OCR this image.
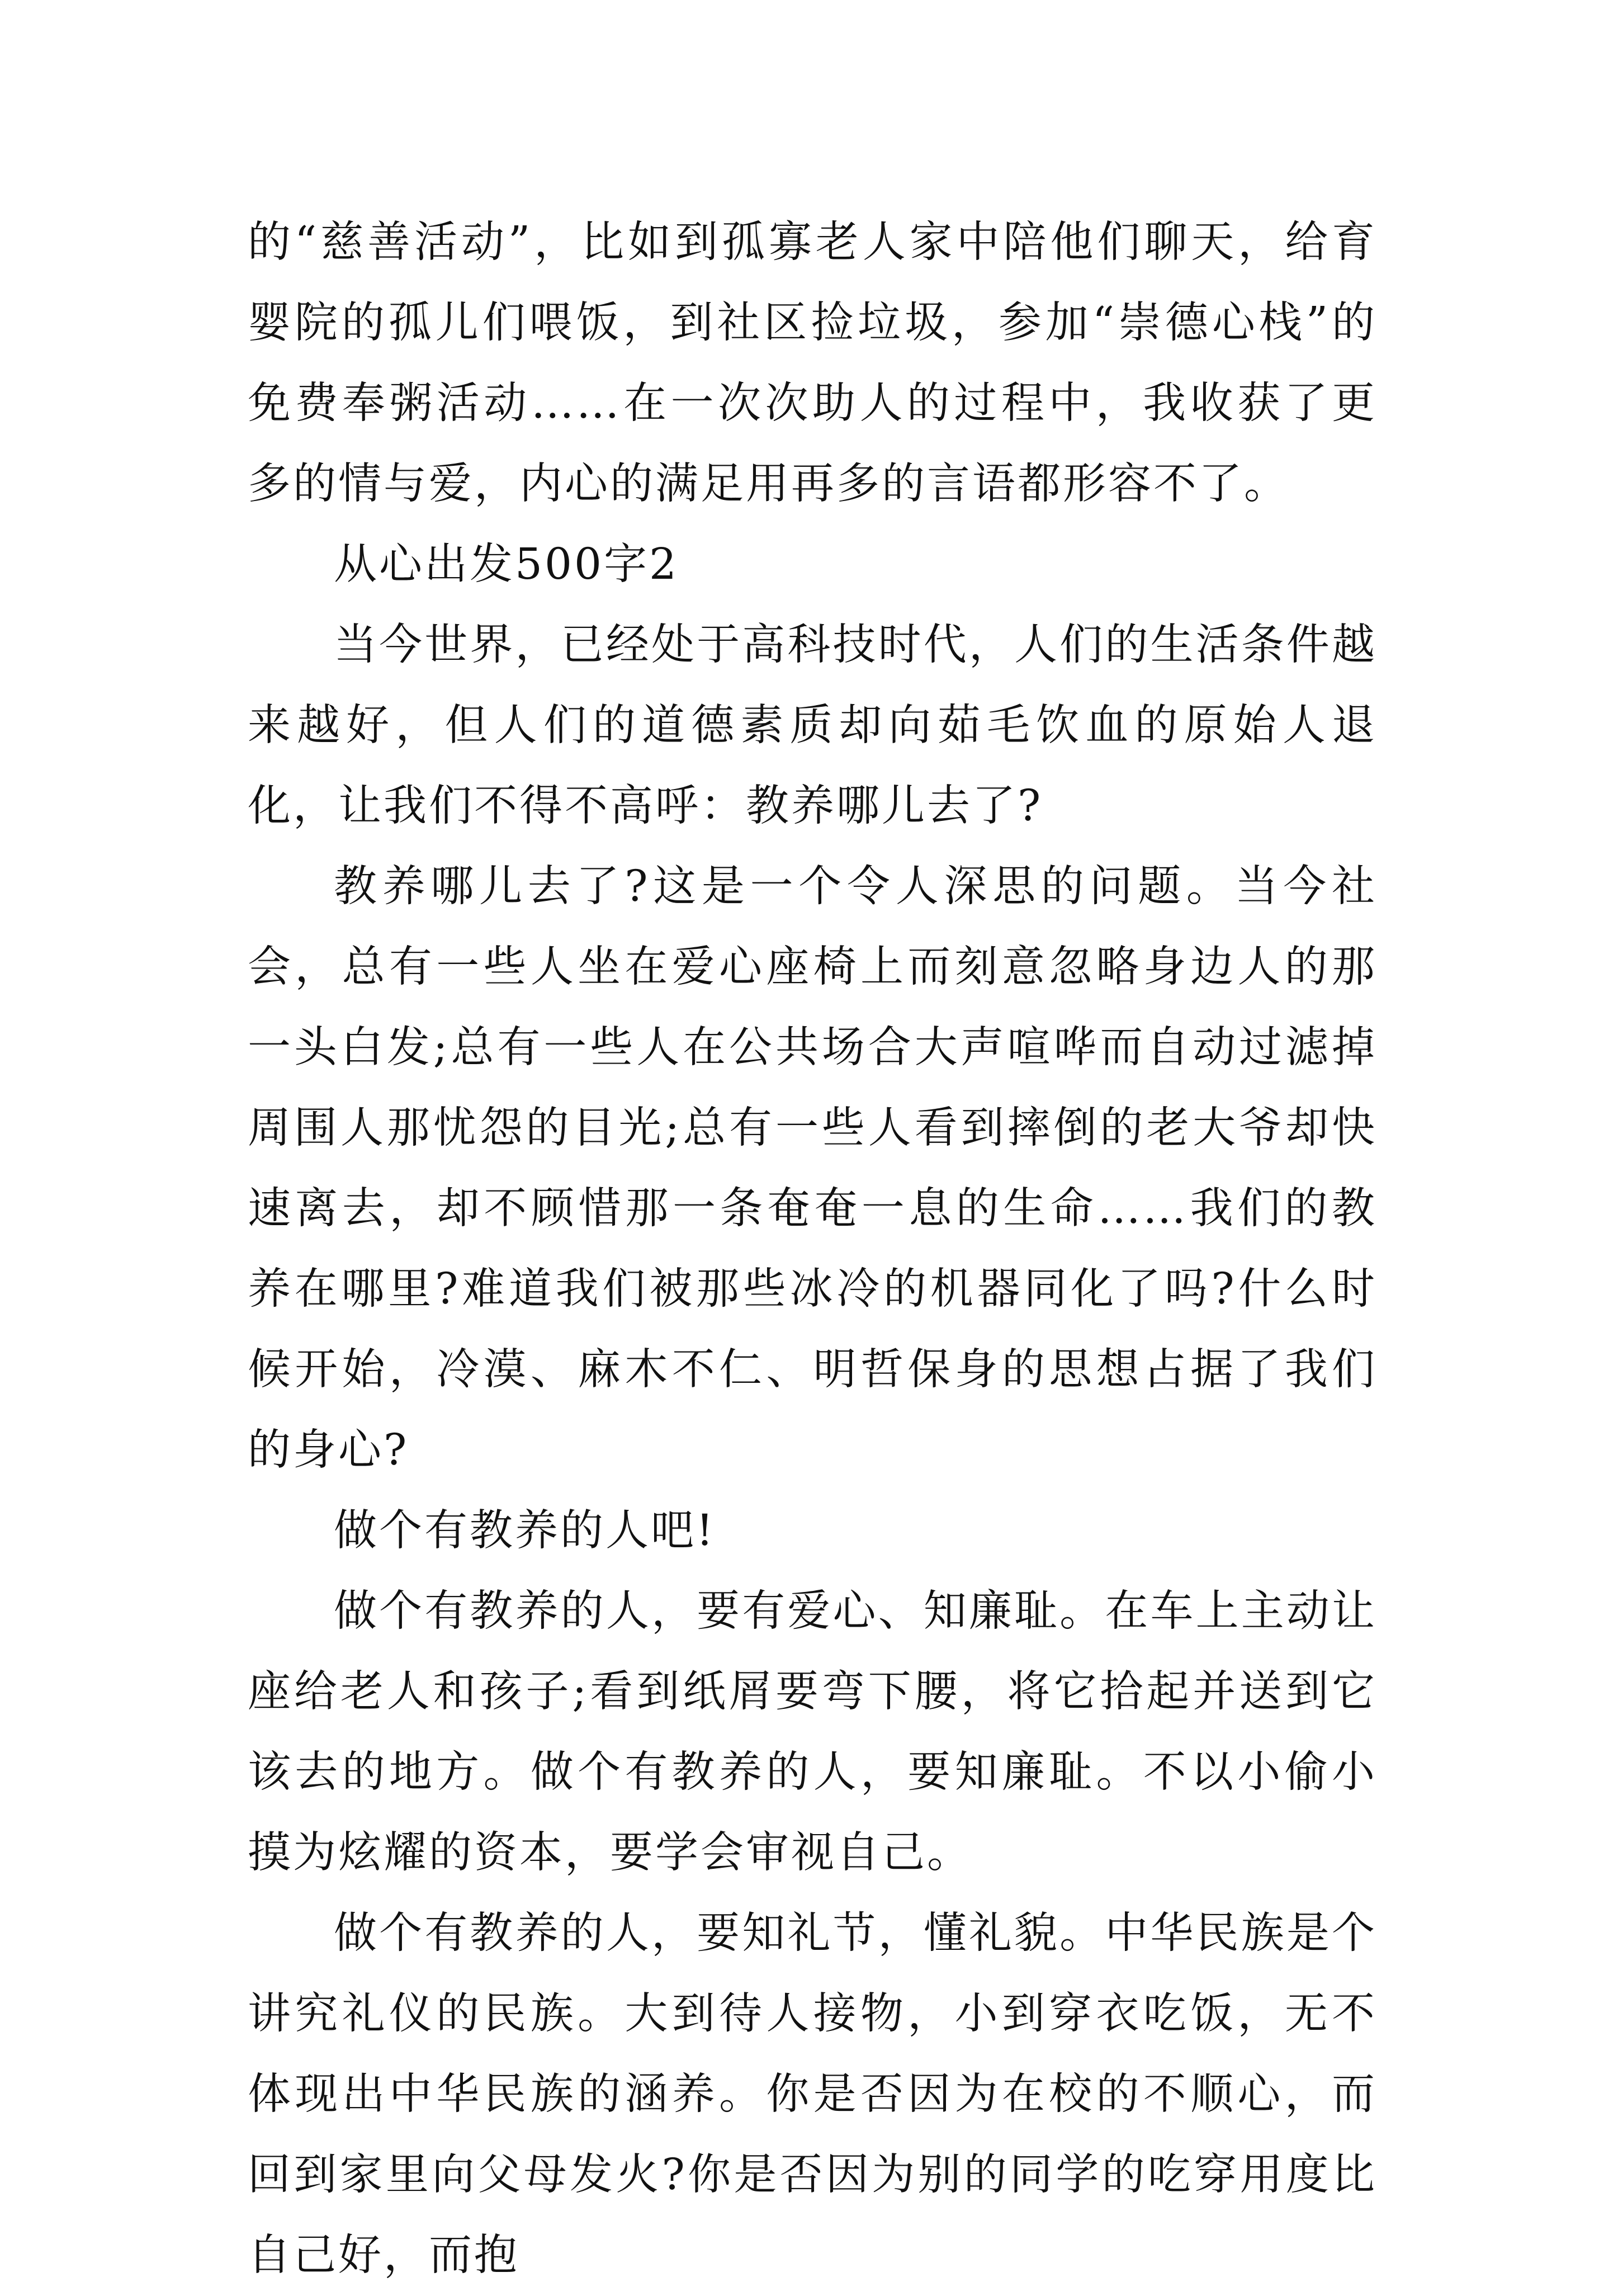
的“慈善活动”，比如到孤寡老人家中陪他们聊天，给育婴院的孤儿们喂饭，到社区捡垃圾，参加“崇德心栈”的免费奉粥活动……在一次次助人的过程中，我收获了更多的情与爱，内心的满足用再多的言语都形容不了。

从心出发500字2

当今世界，已经处于高科技时代，人们的生活条件越来越好，但人们的道德素质却向茹毛饮血的原始人退化，让我们不得不高呼：教养哪儿去了?

教养哪儿去了?这是一个令人深思的问题。当今社会，总有一些人坐在爱心座椅上而刻意忽略身边人的那一头白发;总有一些人在公共场合大声喧哗而自动过滤掉周围人那忧怨的目光;总有一些人看到摔倒的老大爷却快速离去，却不顾惜那一条奄奄一息的生命……我们的教养在哪里?难道我们被那些冰冷的机器同化了吗?什么时候开始，冷漠、麻木不仁、明哲保身的思想占据了我们的身心?

做个有教养的人吧!

做个有教养的人，要有爱心、知廉耻。在车上主动让座给老人和孩子;看到纸屑要弯下腰，将它拾起并送到它该去的地方。做个有教养的人，要知廉耻。不以小偷小摸为炫耀的资本，要学会审视自己。

做个有教养的人，要知礼节，懂礼貌。中华民族是个讲究礼仪的民族。大到待人接物，小到穿衣吃饭，无不体现出中华民族的涵养。你是否因为在校的不顺心，而回到家里向父母发火?你是否因为别的同学的吃穿用度比自己好，而抱
